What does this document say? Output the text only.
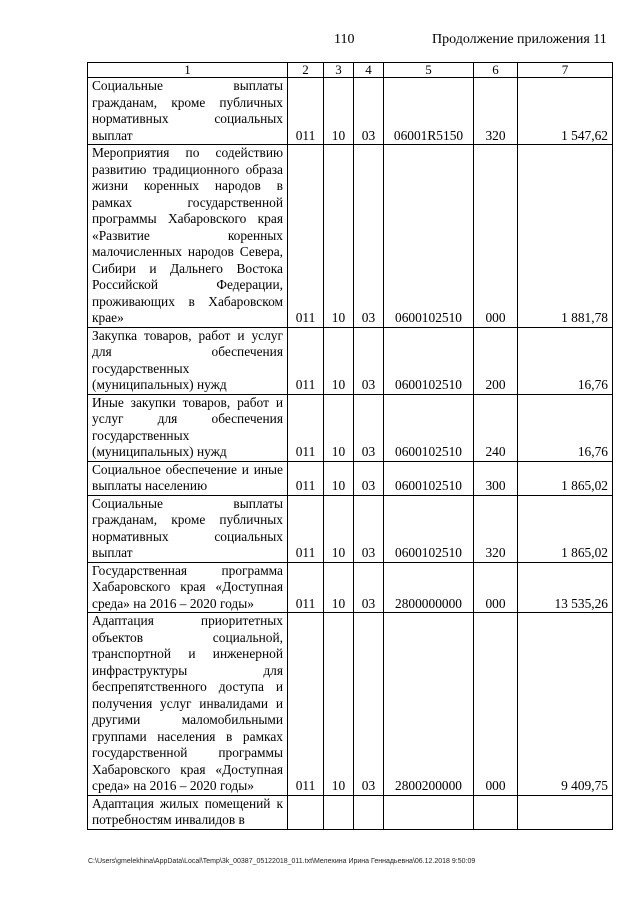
110	Продолжение приложения 11
1	2	3	4	5	6	7
Социальные выплаты гражданам, кроме публичных нормативных социальных выплат	011	10	03	06001R5150	320	1 547,62
Мероприятия по содействию развитию традиционного образа жизни коренных народов в рамках государственной программы Хабаровского края «Развитие коренных малочисленных народов Севера, Сибири и Дальнего Востока Российской Федерации, проживающих в Хабаровском крае»	011	10	03	0600102510	000	1 881,78
Закупка товаров, работ и услуг для обеспечения государственных (муниципальных) нужд	011	10	03	0600102510	200	16,76
Иные закупки товаров, работ и услуг для обеспечения государственных (муниципальных) нужд	011	10	03	0600102510	240	16,76
Социальное обеспечение и иные выплаты населению	011	10	03	0600102510	300	1 865,02
Социальные выплаты гражданам, кроме публичных нормативных социальных выплат	011	10	03	0600102510	320	1 865,02
Государственная программа Хабаровского края «Доступная среда» на 2016 – 2020 годы»	011	10	03	2800000000	000	13 535,26
Адаптация приоритетных объектов социальной, транспортной и инженерной инфраструктуры для беспрепятственного доступа и получения услуг инвалидами и другими маломобильными группами населения в рамках государственной программы Хабаровского края «Доступная среда» на 2016 – 2020 годы»	011	10	03	2800200000	000	9 409,75
Адаптация жилых помещений к потребностям инвалидов в						
C:\Users\gmelekhina\AppData\Local\Temp\3k_00387_05122018_011.txt\Мелехина Ирина Геннадьевна\06.12.2018 9:50:09
